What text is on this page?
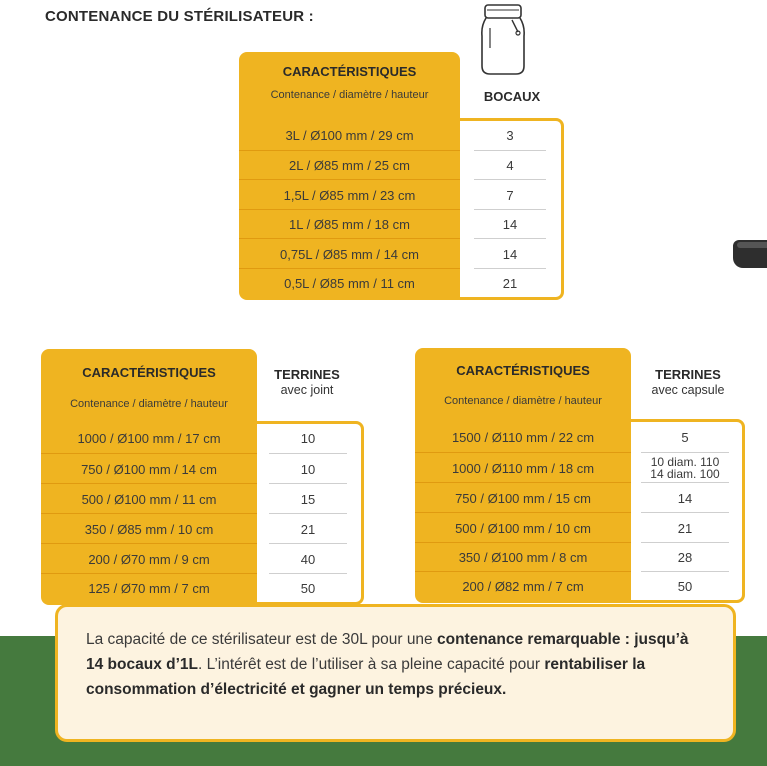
CONTENANCE DU STÉRILISATEUR :
CARACTÉRISTIQUES
Contenance / diamètre / hauteur	BOCAUX
3L / Ø100 mm / 29 cm
2L / Ø85 mm / 25 cm
1,5L / Ø85 mm / 23 cm
1L / Ø85 mm / 18 cm
0,75L / Ø85 mm / 14 cm
0,5L / Ø85 mm / 11 cm
3
4
7
14
14
21
CARACTÉRISTIQUES
Contenance / diamètre / hauteur
TERRINES
avec joint
1000 / Ø100 mm / 17 cm
750 / Ø100 mm / 14 cm
500 / Ø100 mm / 11 cm
350 / Ø85 mm / 10 cm
200 / Ø70 mm / 9 cm
125 / Ø70 mm / 7 cm
10
10
15
21
40
50
CARACTÉRISTIQUES
Contenance / diamètre / hauteur
TERRINES
avec capsule
1500 / Ø110 mm / 22 cm
1000 / Ø110 mm / 18 cm
750 / Ø100 mm / 15 cm
500 / Ø100 mm / 10 cm
350 / Ø100 mm / 8 cm
200 / Ø82 mm / 7 cm
5
10 diam. 110
14 diam. 100
14
21
28
50

La capacité de ce stérilisateur est de 30L pour une contenance remarquable : jusqu’à 14 bocaux d’1L. L’intérêt est de l’utiliser à sa pleine capacité pour rentabiliser la consommation d’électricité et gagner un temps précieux.
